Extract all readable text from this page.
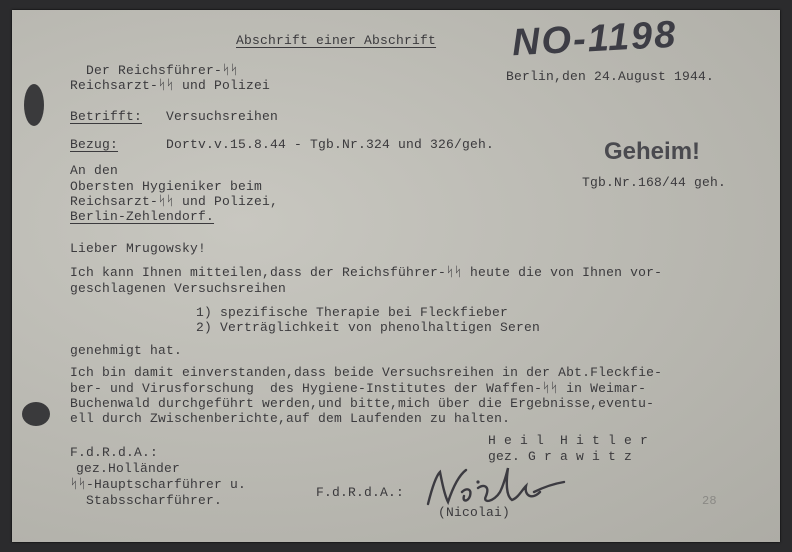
Abschrift einer Abschrift NO-1198
Der Reichsführer-ᛋᛋ
Reichsarzt-ᛋᛋ und Polizei
Berlin,den 24.August 1944.
Betrifft: Versuchsreihen
Bezug:	Dortv.v.15.8.44 - Tgb.Nr.324 und 326/geh.	Geheim!
Tgb.Nr.168/44 geh.
An den
Obersten Hygieniker beim
Reichsarzt-ᛋᛋ und Polizei,
Berlin-Zehlendorf.
Lieber Mrugowsky!
Ich kann Ihnen mitteilen,dass der Reichsführer-ᛋᛋ heute die von Ihnen vor-
geschlagenen Versuchsreihen
1) spezifische Therapie bei Fleckfieber
2) Verträglichkeit von phenolhaltigen Seren
genehmigt hat.
Ich bin damit einverstanden,dass beide Versuchsreihen in der Abt.Fleckfie-
ber- und Virusforschung  des Hygiene-Institutes der Waffen-ᛋᛋ in Weimar-
Buchenwald durchgeführt werden,und bitte,mich über die Ergebnisse,eventu-
ell durch Zwischenberichte,auf dem Laufenden zu halten.
H e i l  H i t l e r
gez. G r a w i t z
F.d.R.d.A.:
gez.Holländer
ᛋᛋ-Hauptscharführer u.
Stabsscharführer.
F.d.R.d.A.:
(Nicolai)
28
